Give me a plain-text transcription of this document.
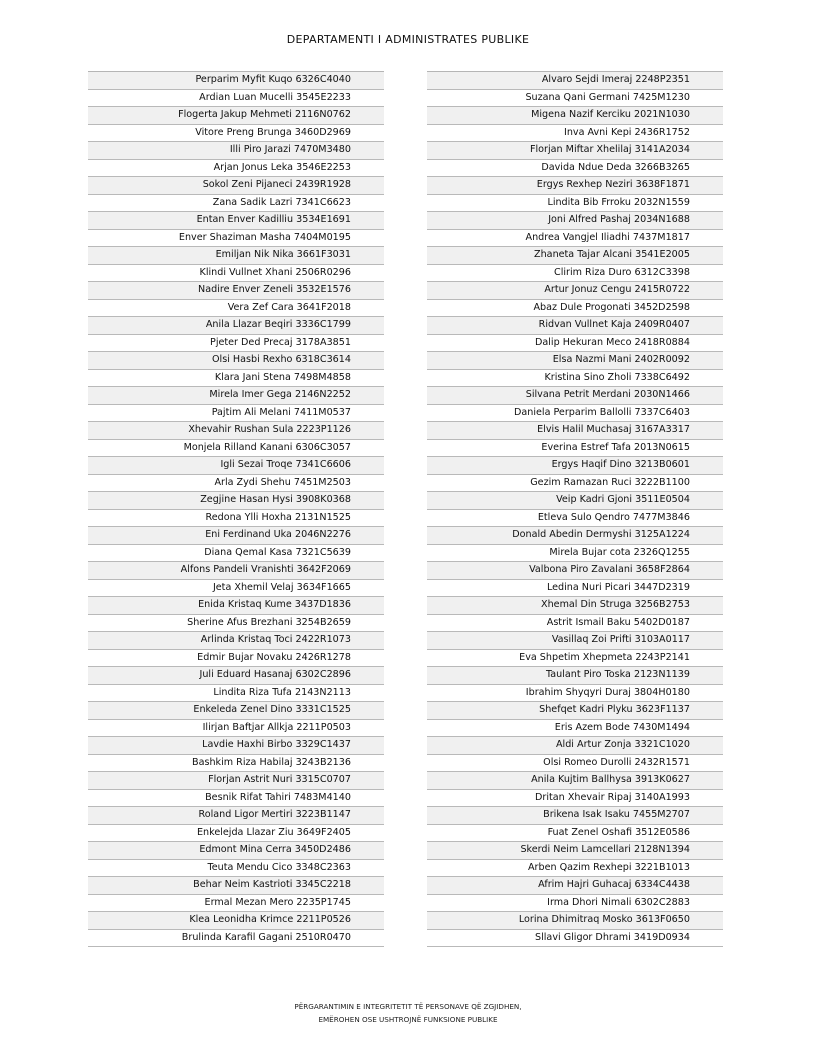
DEPARTAMENTI I ADMINISTRATES PUBLIKE
Perparim Myfit Kuqo 6326C4040
Ardian Luan Mucelli 3545E2233
Flogerta Jakup Mehmeti 2116N0762
Vitore Preng Brunga 3460D2969
Illi Piro Jarazi 7470M3480
Arjan Jonus Leka 3546E2253
Sokol Zeni Pijaneci 2439R1928
Zana Sadik Lazri 7341C6623
Entan Enver Kadilliu 3534E1691
Enver Shaziman Masha 7404M0195
Emiljan Nik Nika 3661F3031
Klindi Vullnet Xhani 2506R0296
Nadire Enver Zeneli 3532E1576
Vera Zef Cara 3641F2018
Anila Llazar Beqiri 3336C1799
Pjeter Ded Precaj 3178A3851
Olsi Hasbi Rexho 6318C3614
Klara Jani Stena 7498M4858
Mirela Imer Gega 2146N2252
Pajtim Ali Melani 7411M0537
Xhevahir Rushan Sula 2223P1126
Monjela Rilland Kanani 6306C3057
Igli Sezai Troqe 7341C6606
Arla Zydi Shehu 7451M2503
Zegjine Hasan Hysi 3908K0368
Redona Ylli Hoxha 2131N1525
Eni Ferdinand Uka 2046N2276
Diana Qemal Kasa 7321C5639
Alfons Pandeli Vranishti 3642F2069
Jeta Xhemil Velaj 3634F1665
Enida Kristaq Kume 3437D1836
Sherine Afus Brezhani 3254B2659
Arlinda Kristaq Toci 2422R1073
Edmir Bujar Novaku 2426R1278
Juli Eduard Hasanaj 6302C2896
Lindita Riza Tufa 2143N2113
Enkeleda Zenel Dino 3331C1525
Ilirjan Baftjar Allkja 2211P0503
Lavdie Haxhi Birbo 3329C1437
Bashkim Riza Habilaj 3243B2136
Florjan Astrit Nuri 3315C0707
Besnik Rifat Tahiri 7483M4140
Roland Ligor Mertiri 3223B1147
Enkelejda Llazar Ziu 3649F2405
Edmont Mina Cerra 3450D2486
Teuta Mendu Cico 3348C2363
Behar Neim Kastrioti 3345C2218
Ermal Mezan Mero 2235P1745
Klea Leonidha Krimce 2211P0526
Brulinda Karafil Gagani 2510R0470
Alvaro Sejdi Imeraj 2248P2351
Suzana Qani Germani 7425M1230
Migena Nazif Kerciku 2021N1030
Inva Avni Kepi 2436R1752
Florjan Miftar Xhelilaj 3141A2034
Davida Ndue Deda 3266B3265
Ergys Rexhep Neziri 3638F1871
Lindita Bib Frroku 2032N1559
Joni Alfred Pashaj 2034N1688
Andrea Vangjel Iliadhi 7437M1817
Zhaneta Tajar Alcani 3541E2005
Clirim Riza Duro 6312C3398
Artur Jonuz Cengu 2415R0722
Abaz Dule Progonati 3452D2598
Ridvan Vullnet Kaja 2409R0407
Dalip Hekuran Meco 2418R0884
Elsa Nazmi Mani 2402R0092
Kristina Sino Zholi 7338C6492
Silvana Petrit Merdani 2030N1466
Daniela Perparim Ballolli 7337C6403
Elvis Halil Muchasaj 3167A3317
Everina Estref Tafa 2013N0615
Ergys Haqif Dino 3213B0601
Gezim Ramazan Ruci 3222B1100
Veip Kadri Gjoni 3511E0504
Etleva Sulo Qendro 7477M3846
Donald Abedin Dermyshi 3125A1224
Mirela Bujar cota 2326Q1255
Valbona Piro Zavalani 3658F2864
Ledina Nuri Picari 3447D2319
Xhemal Din Struga 3256B2753
Astrit Ismail Baku 5402D0187
Vasillaq Zoi Prifti 3103A0117
Eva Shpetim Xhepmeta 2243P2141
Taulant Piro Toska 2123N1139
Ibrahim Shyqyri Duraj 3804H0180
Shefqet Kadri Plyku 3623F1137
Eris Azem Bode 7430M1494
Aldi Artur Zonja 3321C1020
Olsi Romeo Durolli 2432R1571
Anila Kujtim Ballhysa 3913K0627
Dritan Xhevair Ripaj 3140A1993
Brikena Isak Isaku 7455M2707
Fuat Zenel Oshafi 3512E0586
Skerdi Neim Lamcellari 2128N1394
Arben Qazim Rexhepi 3221B1013
Afrim Hajri Guhacaj 6334C4438
Irma Dhori Nimali 6302C2883
Lorina Dhimitraq Mosko 3613F0650
Sllavi Gligor Dhrami 3419D0934
PËRGARANTIMIN E INTEGRITETIT TË PERSONAVE QË ZGJIDHEN,
EMËROHEN OSE USHTROJNË FUNKSIONE PUBLIKE
